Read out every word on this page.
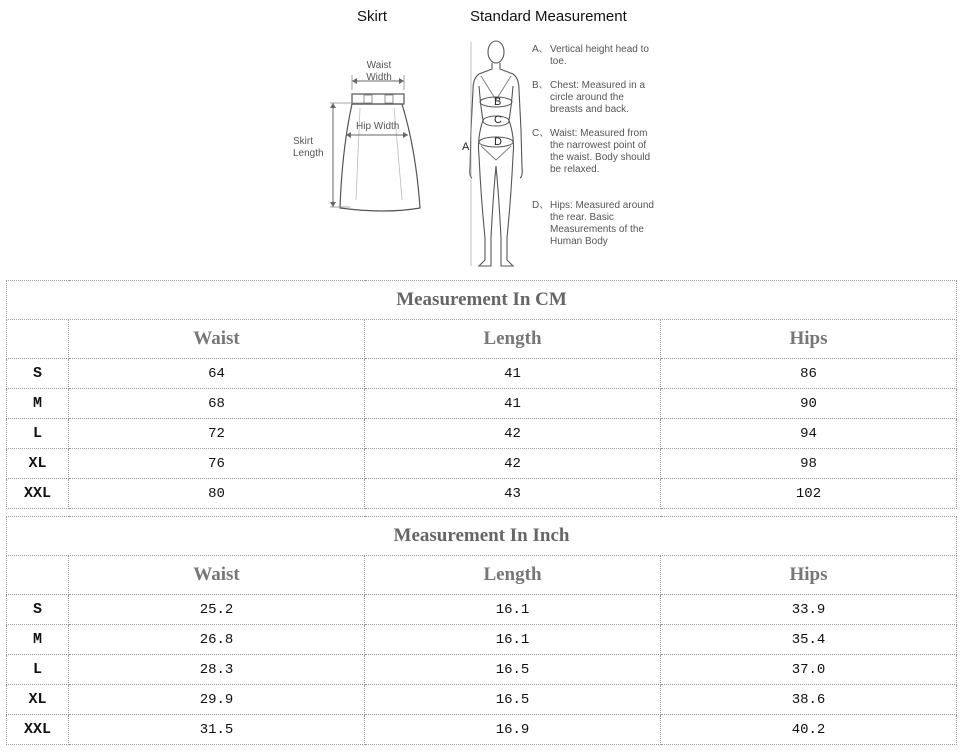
Skirt	Standard Measurement
Waist Width
Hip Width
Skirt Length
B
C
D
A
A、 Vertical height head to toe.
B、 Chest: Measured in a circle around the breasts and back.
C、 Waist: Measured from the narrowest point of the waist. Body should be relaxed.
D、 Hips: Measured around the rear. Basic Measurements of the Human Body
Measurement In CM			
	Waist	Length	Hips
S	64	41	86
M	68	41	90
L	72	42	94
XL	76	42	98
XXL	80	43	102
Measurement In Inch			
	Waist	Length	Hips
S	25.2	16.1	33.9
M	26.8	16.1	35.4
L	28.3	16.5	37.0
XL	29.9	16.5	38.6
XXL	31.5	16.9	40.2
